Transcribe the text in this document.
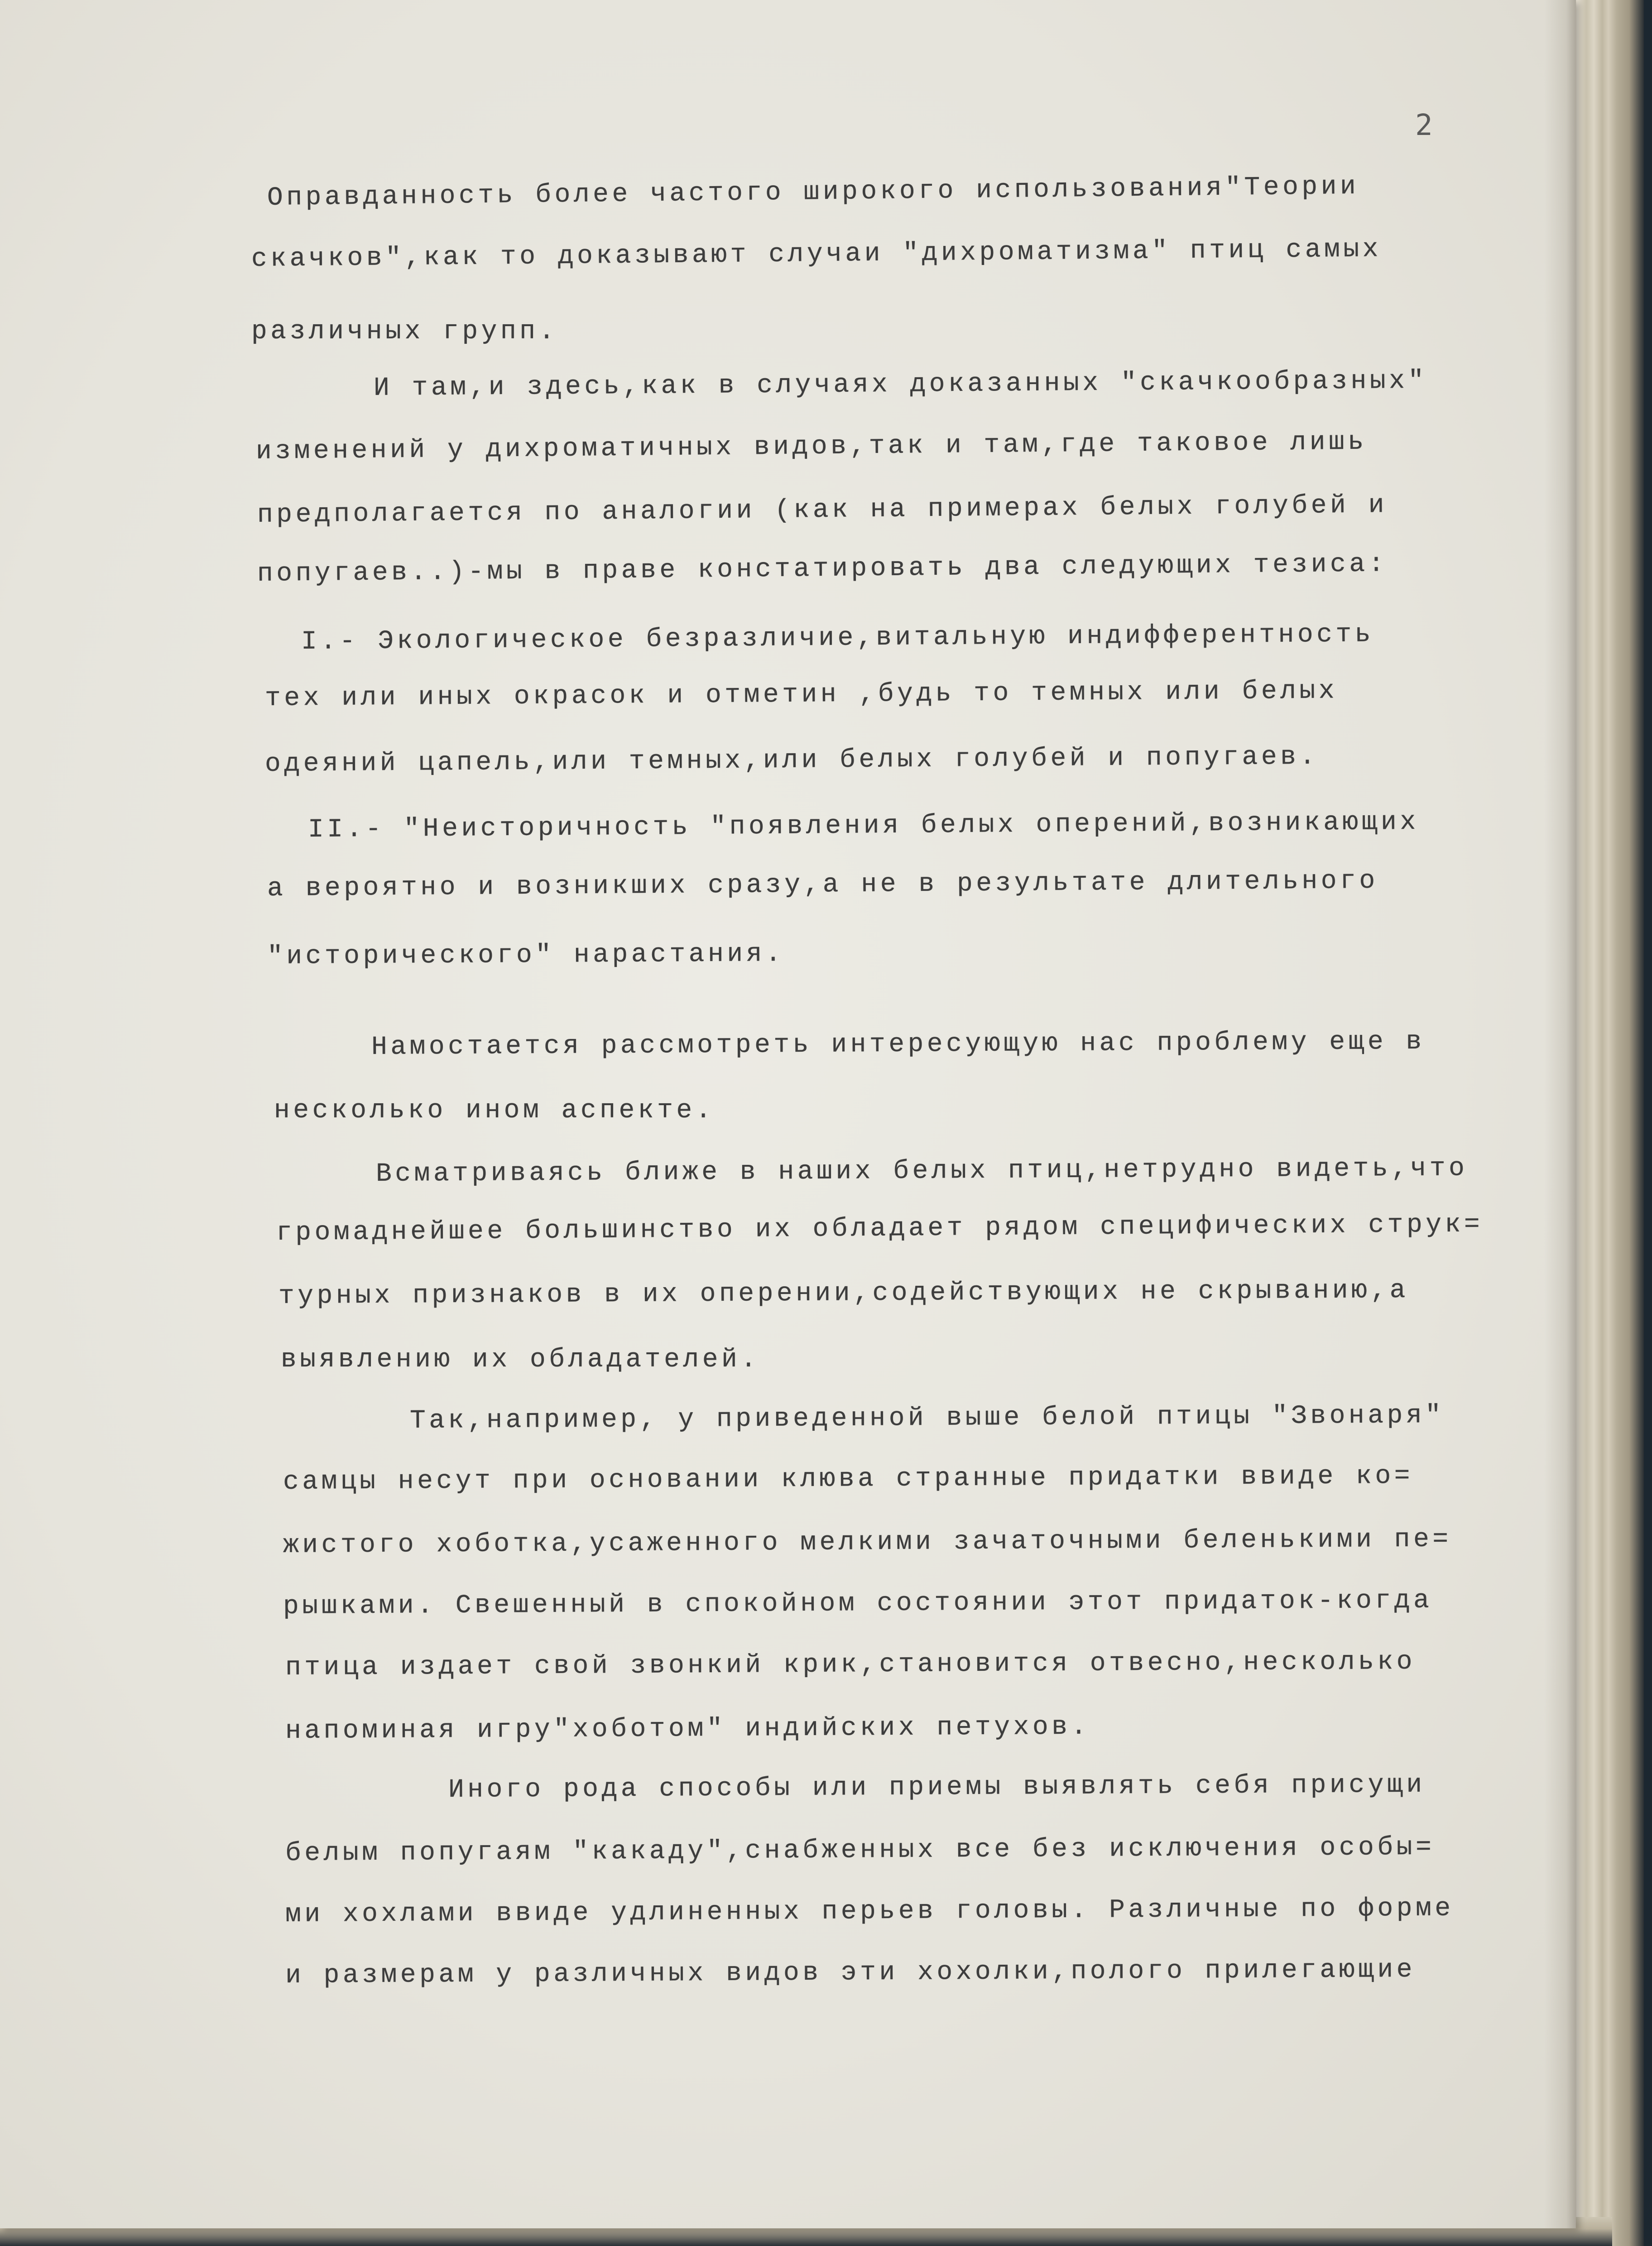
2
Оправданность более частого широкого использования"Теории
скачков",как то доказывают случаи "дихроматизма" птиц самых
различных групп.
И там,и здесь,как в случаях доказанных "скачкообразных"
изменений у дихроматичных видов,так и там,где таковое лишь
предполагается по аналогии (как на примерах белых голубей и
попугаев..)-мы в праве констатировать два следующих тезиса:
I.- Экологическое безразличие,витальную индифферентность
тех или иных окрасок и отметин ,будь то темных или белых
одеяний цапель,или темных,или белых голубей и попугаев.
II.- "Неисторичность "появления белых оперений,возникающих
а вероятно и возникших сразу,а не в результате длительного
"исторического" нарастания.
Намостается рассмотреть интересующую нас проблему еще в
несколько ином аспекте.
Всматриваясь ближе в наших белых птиц,нетрудно видеть,что
громаднейшее большинство их обладает рядом специфических струк=
турных признаков в их оперении,содействующих не скрыванию,а
выявлению их обладателей.
Так,например, у приведенной выше белой птицы "Звонаря"
самцы несут при основании клюва странные придатки ввиде ко=
жистого хоботка,усаженного мелкими зачаточными беленькими пе=
рышками. Свешенный в спокойном состоянии этот придаток-когда
птица издает свой звонкий крик,становится отвесно,несколько
напоминая игру"хоботом" индийских петухов.
Иного рода способы или приемы выявлять себя присущи
белым попугаям "какаду",снабженных все без исключения особы=
ми хохлами ввиде удлиненных перьев головы. Различные по форме
и размерам у различных видов эти хохолки,полого прилегающие
